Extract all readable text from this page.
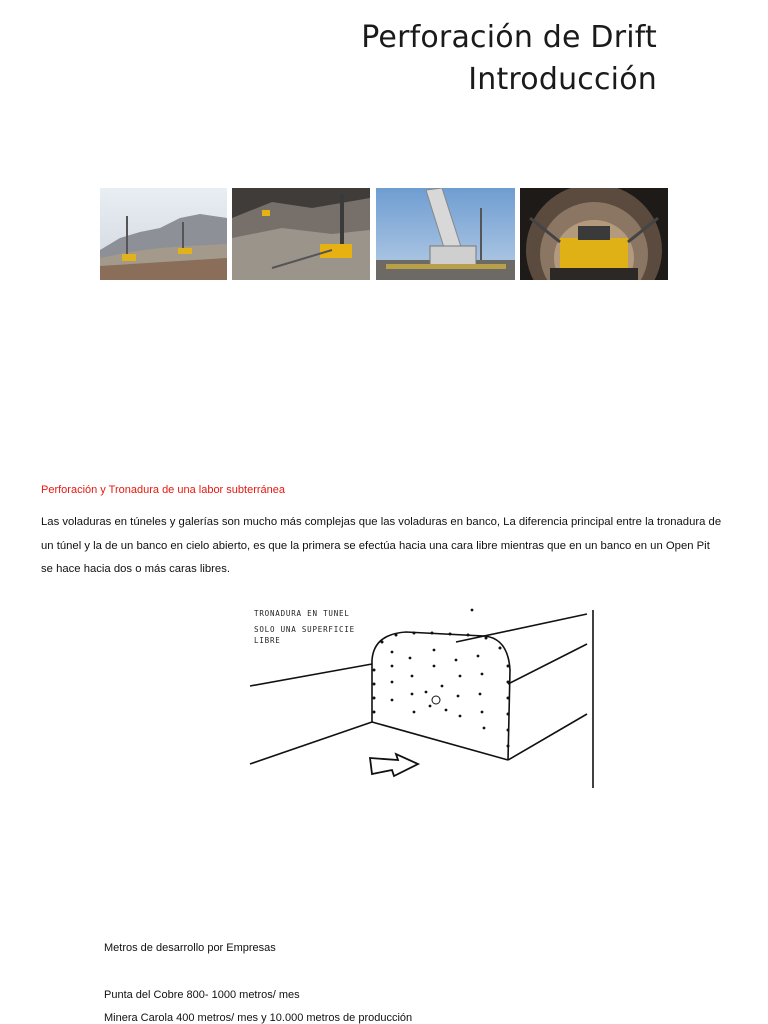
Perforación de Drift
Introducción
Perforación y Tronadura de una labor subterránea
Las voladuras en túneles y galerías son mucho más complejas que las voladuras en banco, La diferencia principal entre la tronadura de
un túnel y la de un banco en cielo abierto, es que la primera se efectúa hacia una cara libre mientras que en un banco en un Open Pit
se hace hacia dos o más caras libres.
TRONADURA EN TUNEL
SOLO UNA SUPERFICIE
LIBRE
Metros de desarrollo por Empresas
Punta del Cobre 800- 1000 metros/ mes
Minera Carola 400 metros/ mes y 10.000 metros de producción
